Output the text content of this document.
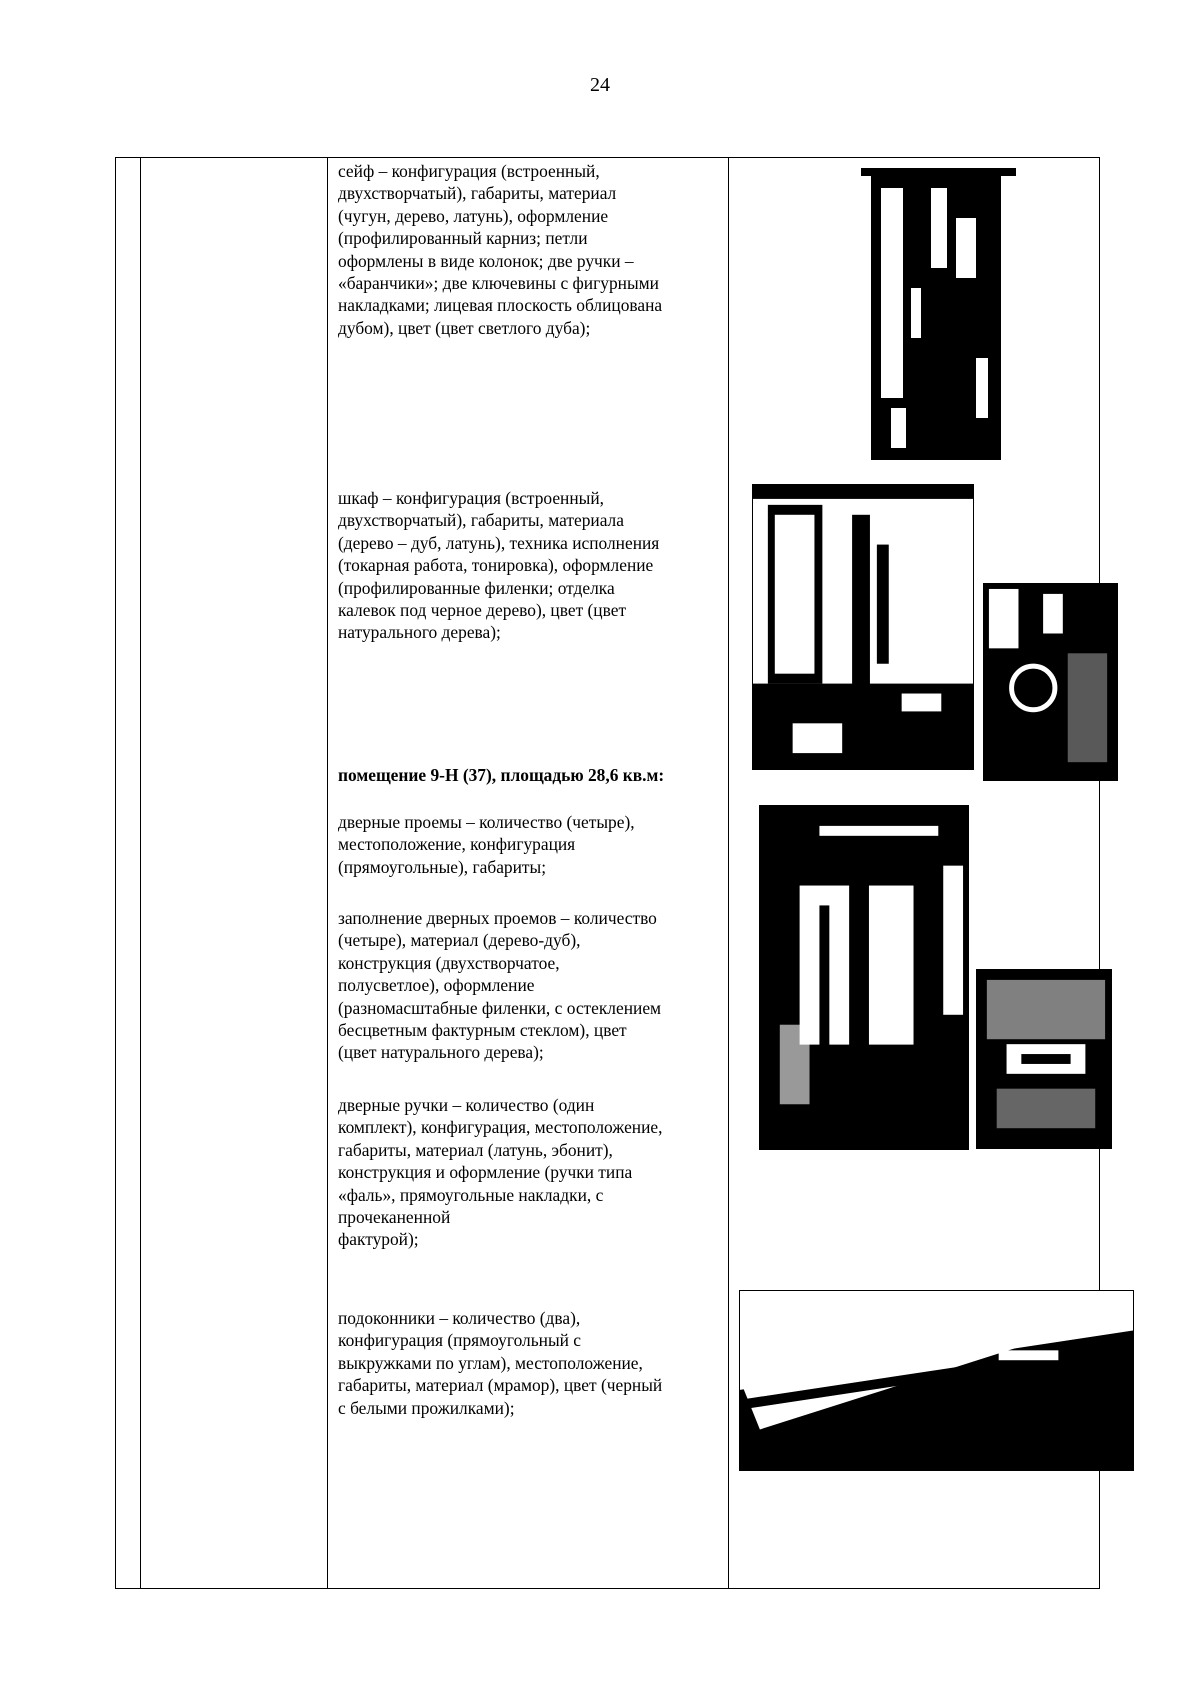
24
сейф – конфигурация (встроенный,
двухстворчатый), габариты, материал
(чугун, дерево, латунь), оформление
(профилированный карниз; петли
оформлены в виде колонок; две ручки –
«баранчики»; две ключевины с фигурными
накладками; лицевая плоскость облицована
дубом), цвет (цвет светлого дуба);
шкаф – конфигурация (встроенный,
двухстворчатый), габариты, материала
(дерево – дуб, латунь), техника исполнения
(токарная работа, тонировка), оформление
(профилированные филенки; отделка
калевок под черное дерево), цвет (цвет
натурального дерева);
помещение 9-Н (37), площадью 28,6 кв.м:
дверные проемы – количество (четыре),
местоположение, конфигурация
(прямоугольные), габариты;
заполнение дверных проемов – количество
(четыре), материал (дерево-дуб),
конструкция (двухстворчатое,
полусветлое), оформление
(разномасштабные филенки, с остеклением
бесцветным фактурным стеклом), цвет
(цвет натурального дерева);
дверные ручки – количество (один
комплект), конфигурация, местоположение,
габариты, материал (латунь, эбонит),
конструкция и оформление (ручки типа
«фаль», прямоугольные накладки, с
прочеканенной
фактурой);
подоконники – количество (два),
конфигурация (прямоугольный с
выкружками по углам), местоположение,
габариты, материал (мрамор), цвет (черный
с белыми прожилками);
